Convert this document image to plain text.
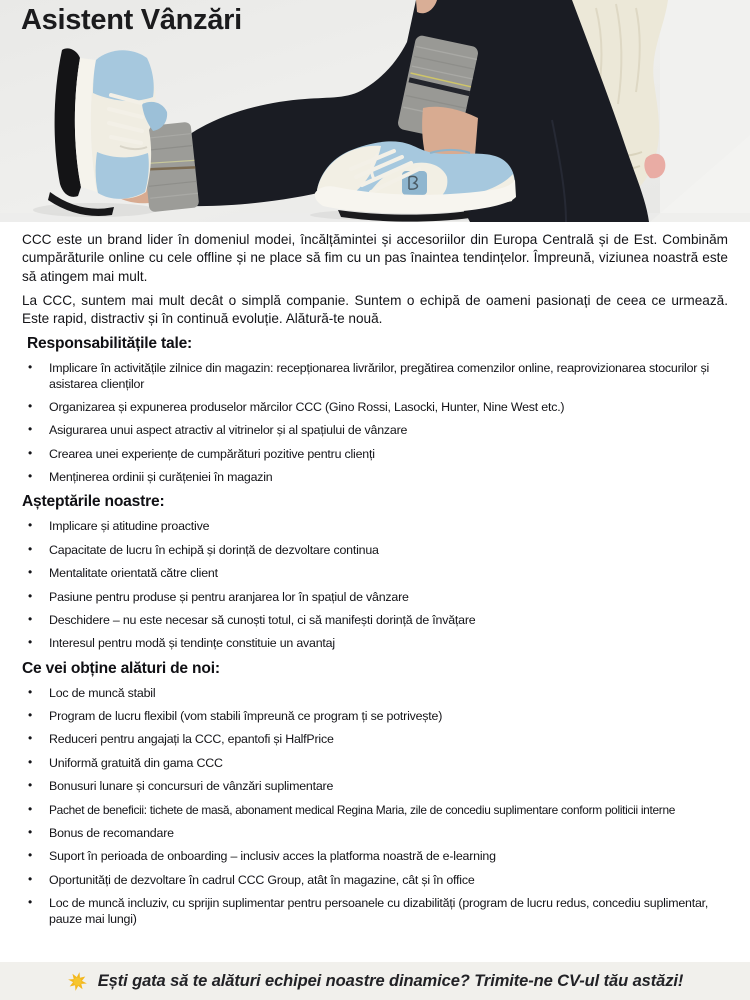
Asistent Vânzări

CCC este un brand lider în domeniul modei, încălțămintei și accesoriilor din Europa Centrală și de Est. Combinăm cumpărăturile online cu cele offline și ne place să fim cu un pas înaintea tendințelor. Împreună, viziunea noastră este să atingem mai mult.

La CCC, suntem mai mult decât o simplă companie. Suntem o echipă de oameni pasionați de ceea ce urmează. Este rapid, distractiv și în continuă evoluție. Alătură-te nouă.

Responsabilitățile tale:
•
Implicare în activitățile zilnice din magazin: recepționarea livrărilor, pregătirea comenzilor online, reaprovizionarea stocurilor și asistarea clienților
•
Organizarea și expunerea produselor mărcilor CCC (Gino Rossi, Lasocki, Hunter, Nine West etc.)
•
Asigurarea unui aspect atractiv al vitrinelor și al spațiului de vânzare
•
Crearea unei experiențe de cumpărături pozitive pentru clienți
•
Menținerea ordinii și curățeniei în magazin
Așteptările noastre:
•
Implicare și atitudine proactive
•
Capacitate de lucru în echipă și dorință de dezvoltare continua
•
Mentalitate orientată către client
•
Pasiune pentru produse și pentru aranjarea lor în spațiul de vânzare
•
Deschidere – nu este necesar să cunoști totul, ci să manifești dorință de învățare
•
Interesul pentru modă și tendințe constituie un avantaj
Ce vei obține alături de noi:
•
Loc de muncă stabil
•
Program de lucru flexibil (vom stabili împreună ce program ți se potrivește)
•
Reduceri pentru angajați la CCC, epantofi și HalfPrice
•
Uniformă gratuită din gama CCC
•
Bonusuri lunare și concursuri de vânzări suplimentare
•
Pachet de beneficii: tichete de masă, abonament medical Regina Maria, zile de concediu suplimentare conform politicii interne
•
Bonus de recomandare
•
Suport în perioada de onboarding – inclusiv acces la platforma noastră de e-learning
•
Oportunități de dezvoltare în cadrul CCC Group, atât în magazine, cât și în office
•
Loc de muncă incluziv, cu sprijin suplimentar pentru persoanele cu dizabilități (program de lucru redus, concediu suplimentar, pauze mai lungi)
Ești gata să te alături echipei noastre dinamice? Trimite-ne CV-ul tău astăzi!
